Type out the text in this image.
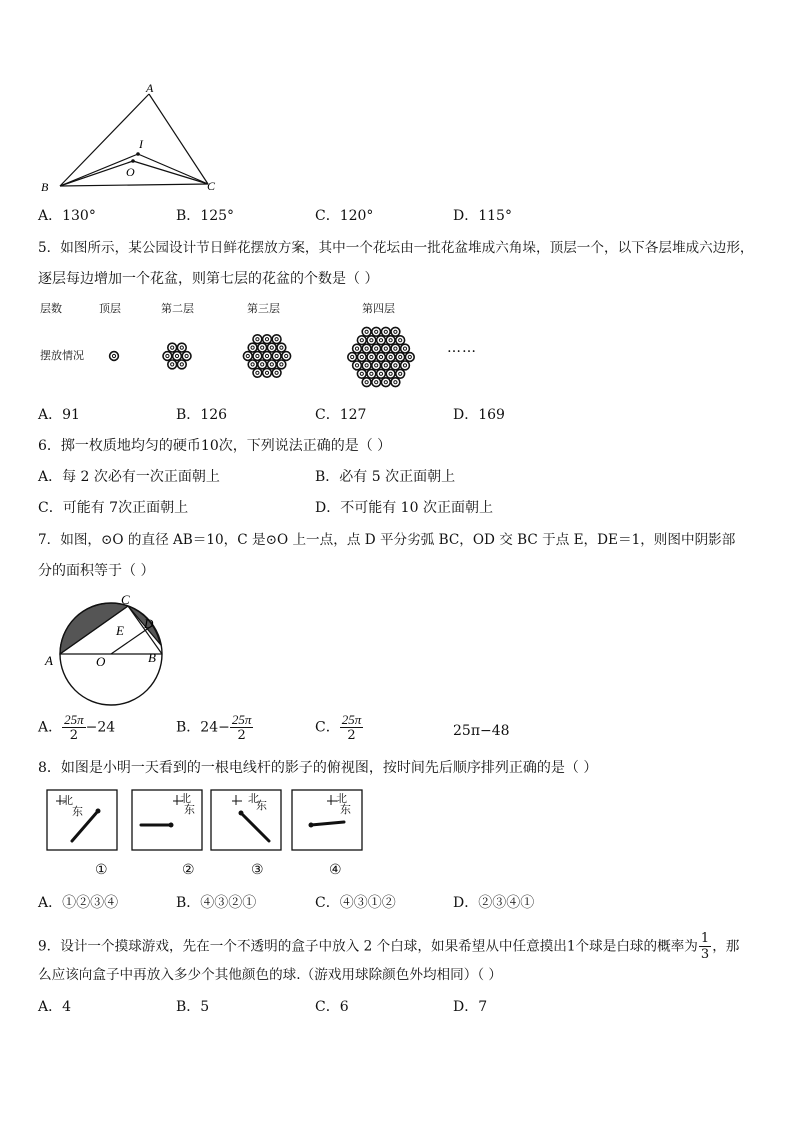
A
I
O
B	C
A．130°	B．125°	C．120°	D．115°
5．如图所示，某公园设计节日鲜花摆放方案，其中一个花坛由一批花盆堆成六角垛，顶层一个，以下各层堆成六边形，
逐层每边增加一个花盆，则第七层的花盆的个数是（ ）
层数	顶层	第二层	第三层	第四层
摆放情况	……
A．91	B．126	C．127	D．169
6．掷一枚质地均匀的硬币10次，下列说法正确的是（ ）
A．每 2 次必有一次正面朝上	B．必有 5 次正面朝上
C．可能有 7次正面朝上	D．不可能有 10 次正面朝上
7．如图，⊙O 的直径 AB＝10，C 是⊙O 上一点，点 D 平分劣弧 BC，OD 交 BC 于点 E，DE＝1，则图中阴影部
分的面积等于（ ）
C
D
E
A	O	B
A． $\frac{25\pi}{2} -24$	B．$24- \frac{25\pi}{2}$	C． $\frac{25\pi}{2}$	25π−48
8．如图是小明一天看到的一根电线杆的影子的俯视图，按时间先后顺序排列正确的是（ ）
北
东
北
东
北
东
北
东
①	②	③	④
A．①②③④	B．④③②①	C．④③①②	D．②③④①
9．设计一个摸球游戏，先在一个不透明的盒子中放入 2 个白球，如果希望从中任意摸出1个球是白球的概率为 $\frac{1}{3}$ ，那
么应该向盒子中再放入多少个其他颜色的球.（游戏用球除颜色外均相同）（ ）
A．4	B．5	C．6	D．7
